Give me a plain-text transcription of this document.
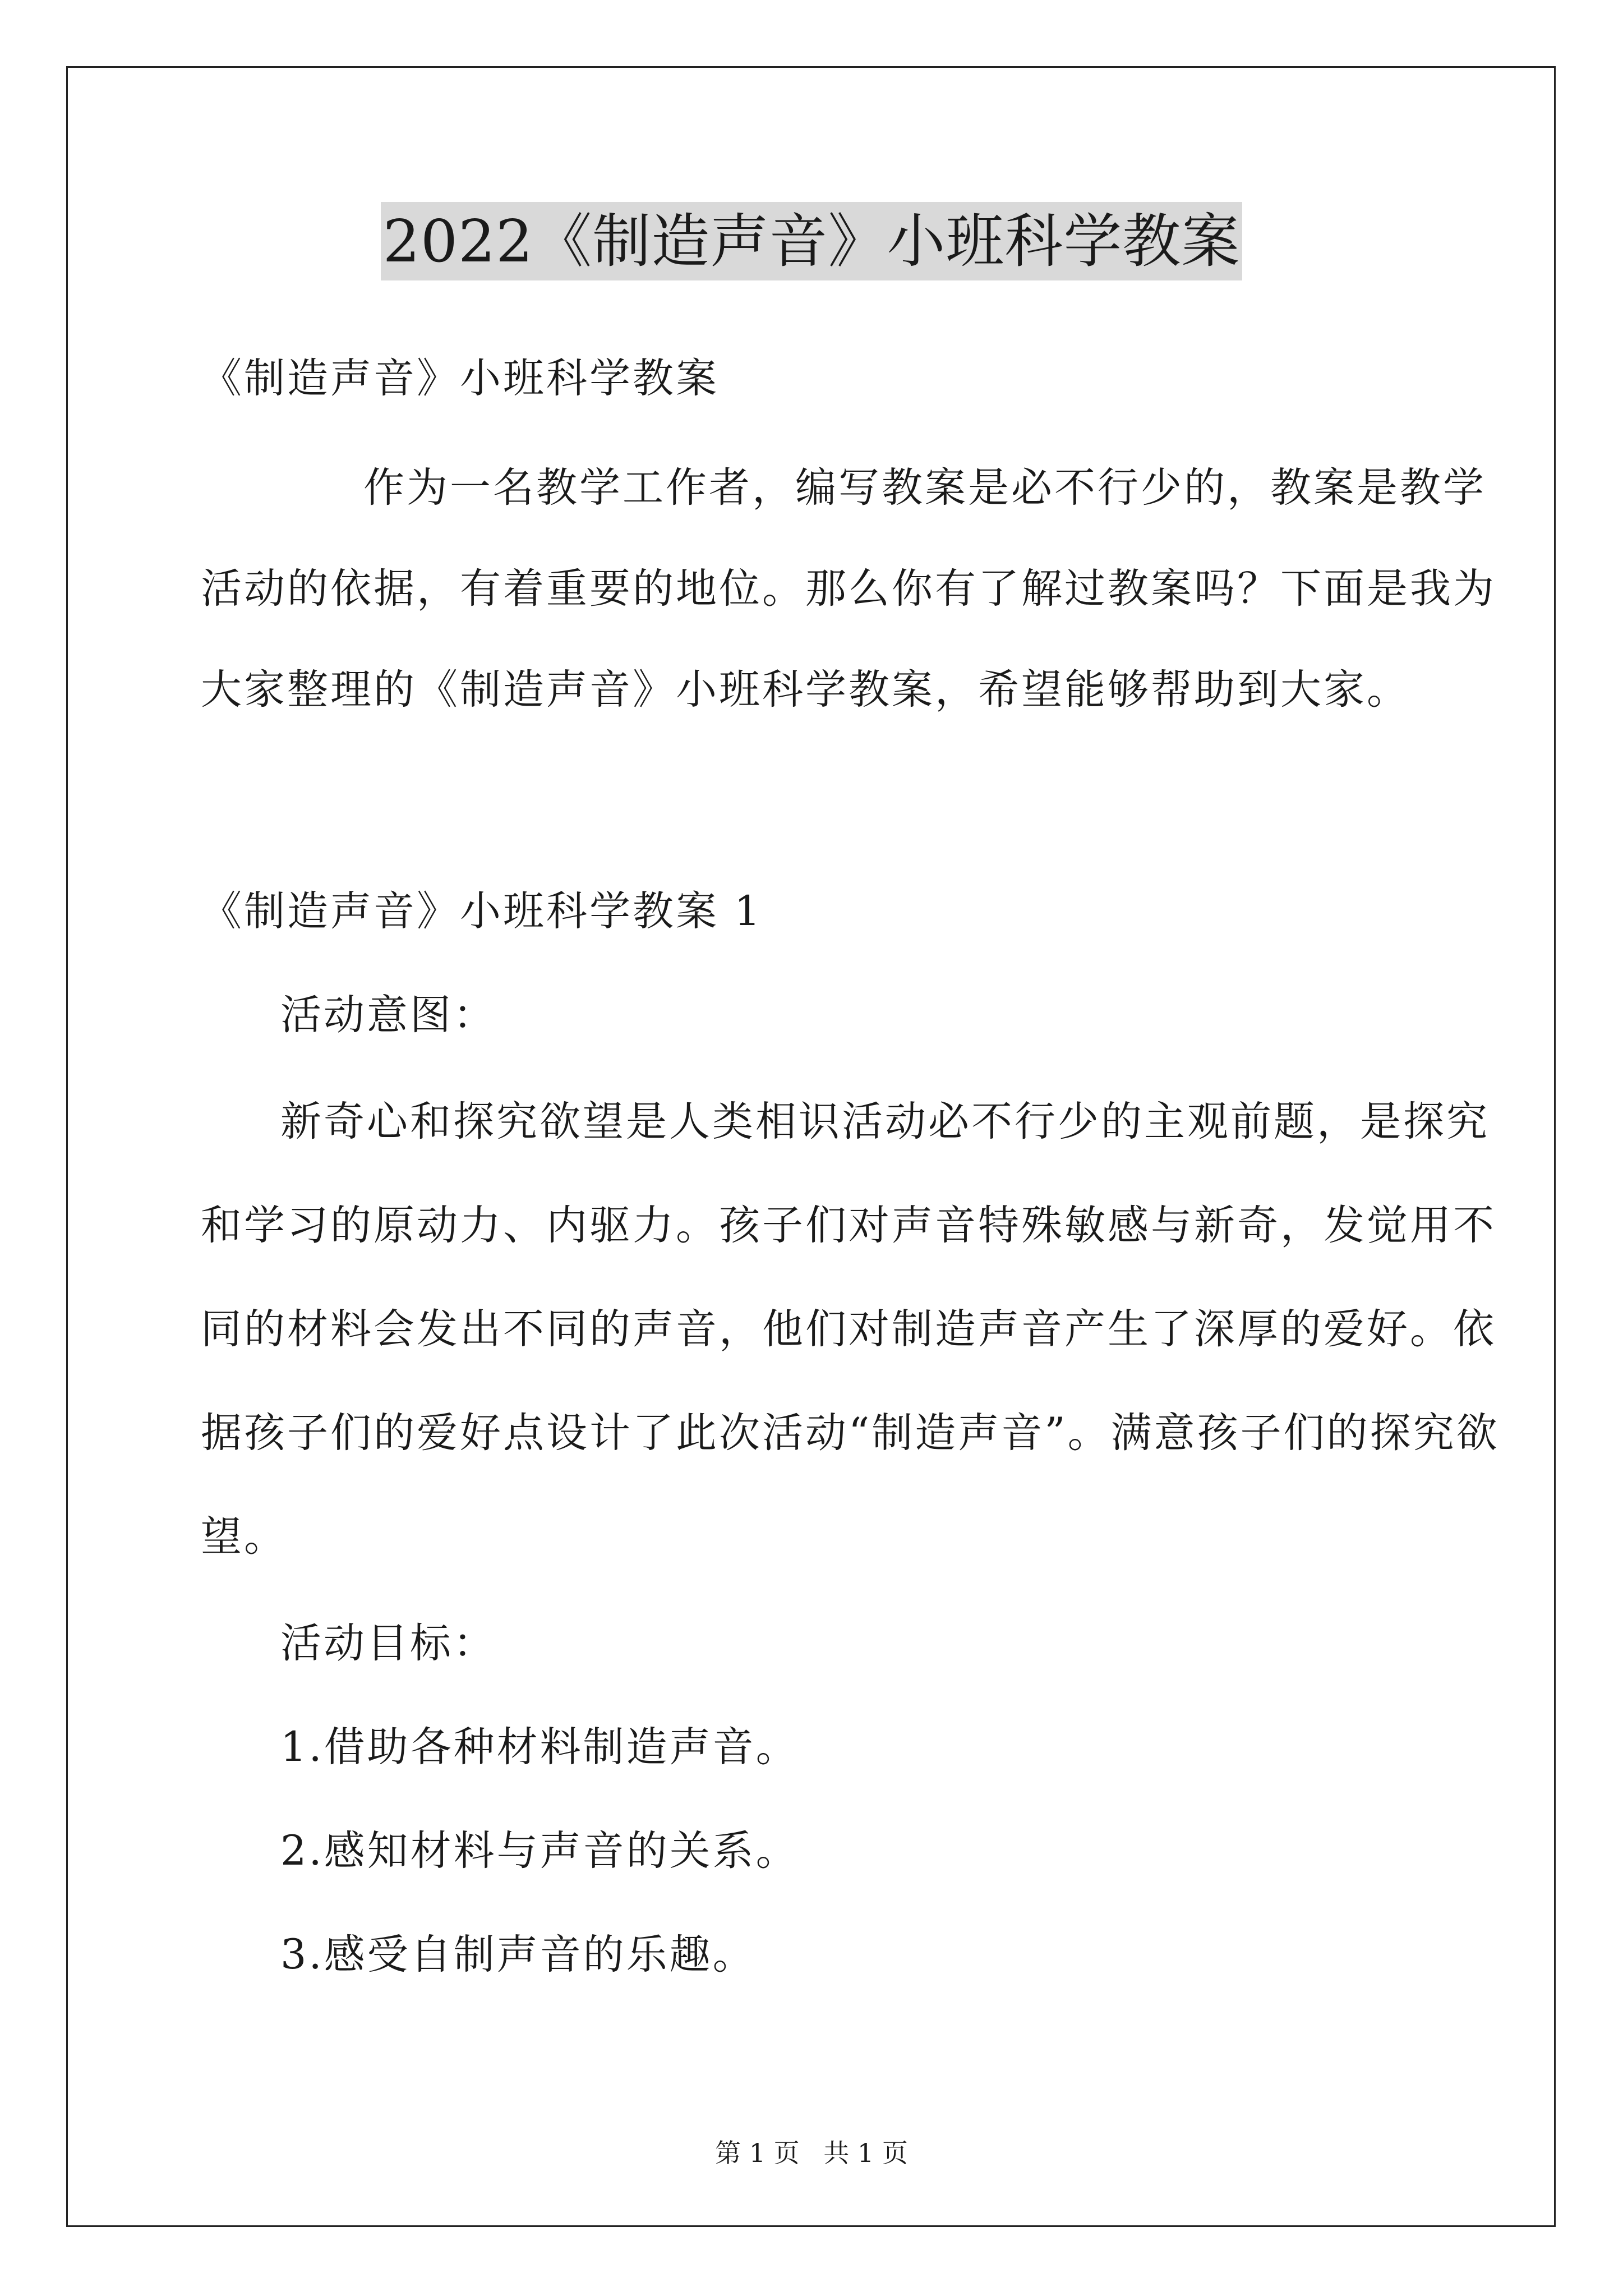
2022《制造声音》小班科学教案
《制造声音》小班科学教案
作为一名教学工作者，编写教案是必不行少的，教案是教学
活动的依据，有着重要的地位。那么你有了解过教案吗？下面是我为
大家整理的《制造声音》小班科学教案，希望能够帮助到大家。
《制造声音》小班科学教案 1
活动意图：
新奇心和探究欲望是人类相识活动必不行少的主观前题，是探究
和学习的原动力、内驱力。孩子们对声音特殊敏感与新奇，发觉用不
同的材料会发出不同的声音，他们对制造声音产生了深厚的爱好。依
据孩子们的爱好点设计了此次活动“制造声音”。满意孩子们的探究欲
望。
活动目标：
1.借助各种材料制造声音。
2.感知材料与声音的关系。
3.感受自制声音的乐趣。
第 1 页 共 1 页
